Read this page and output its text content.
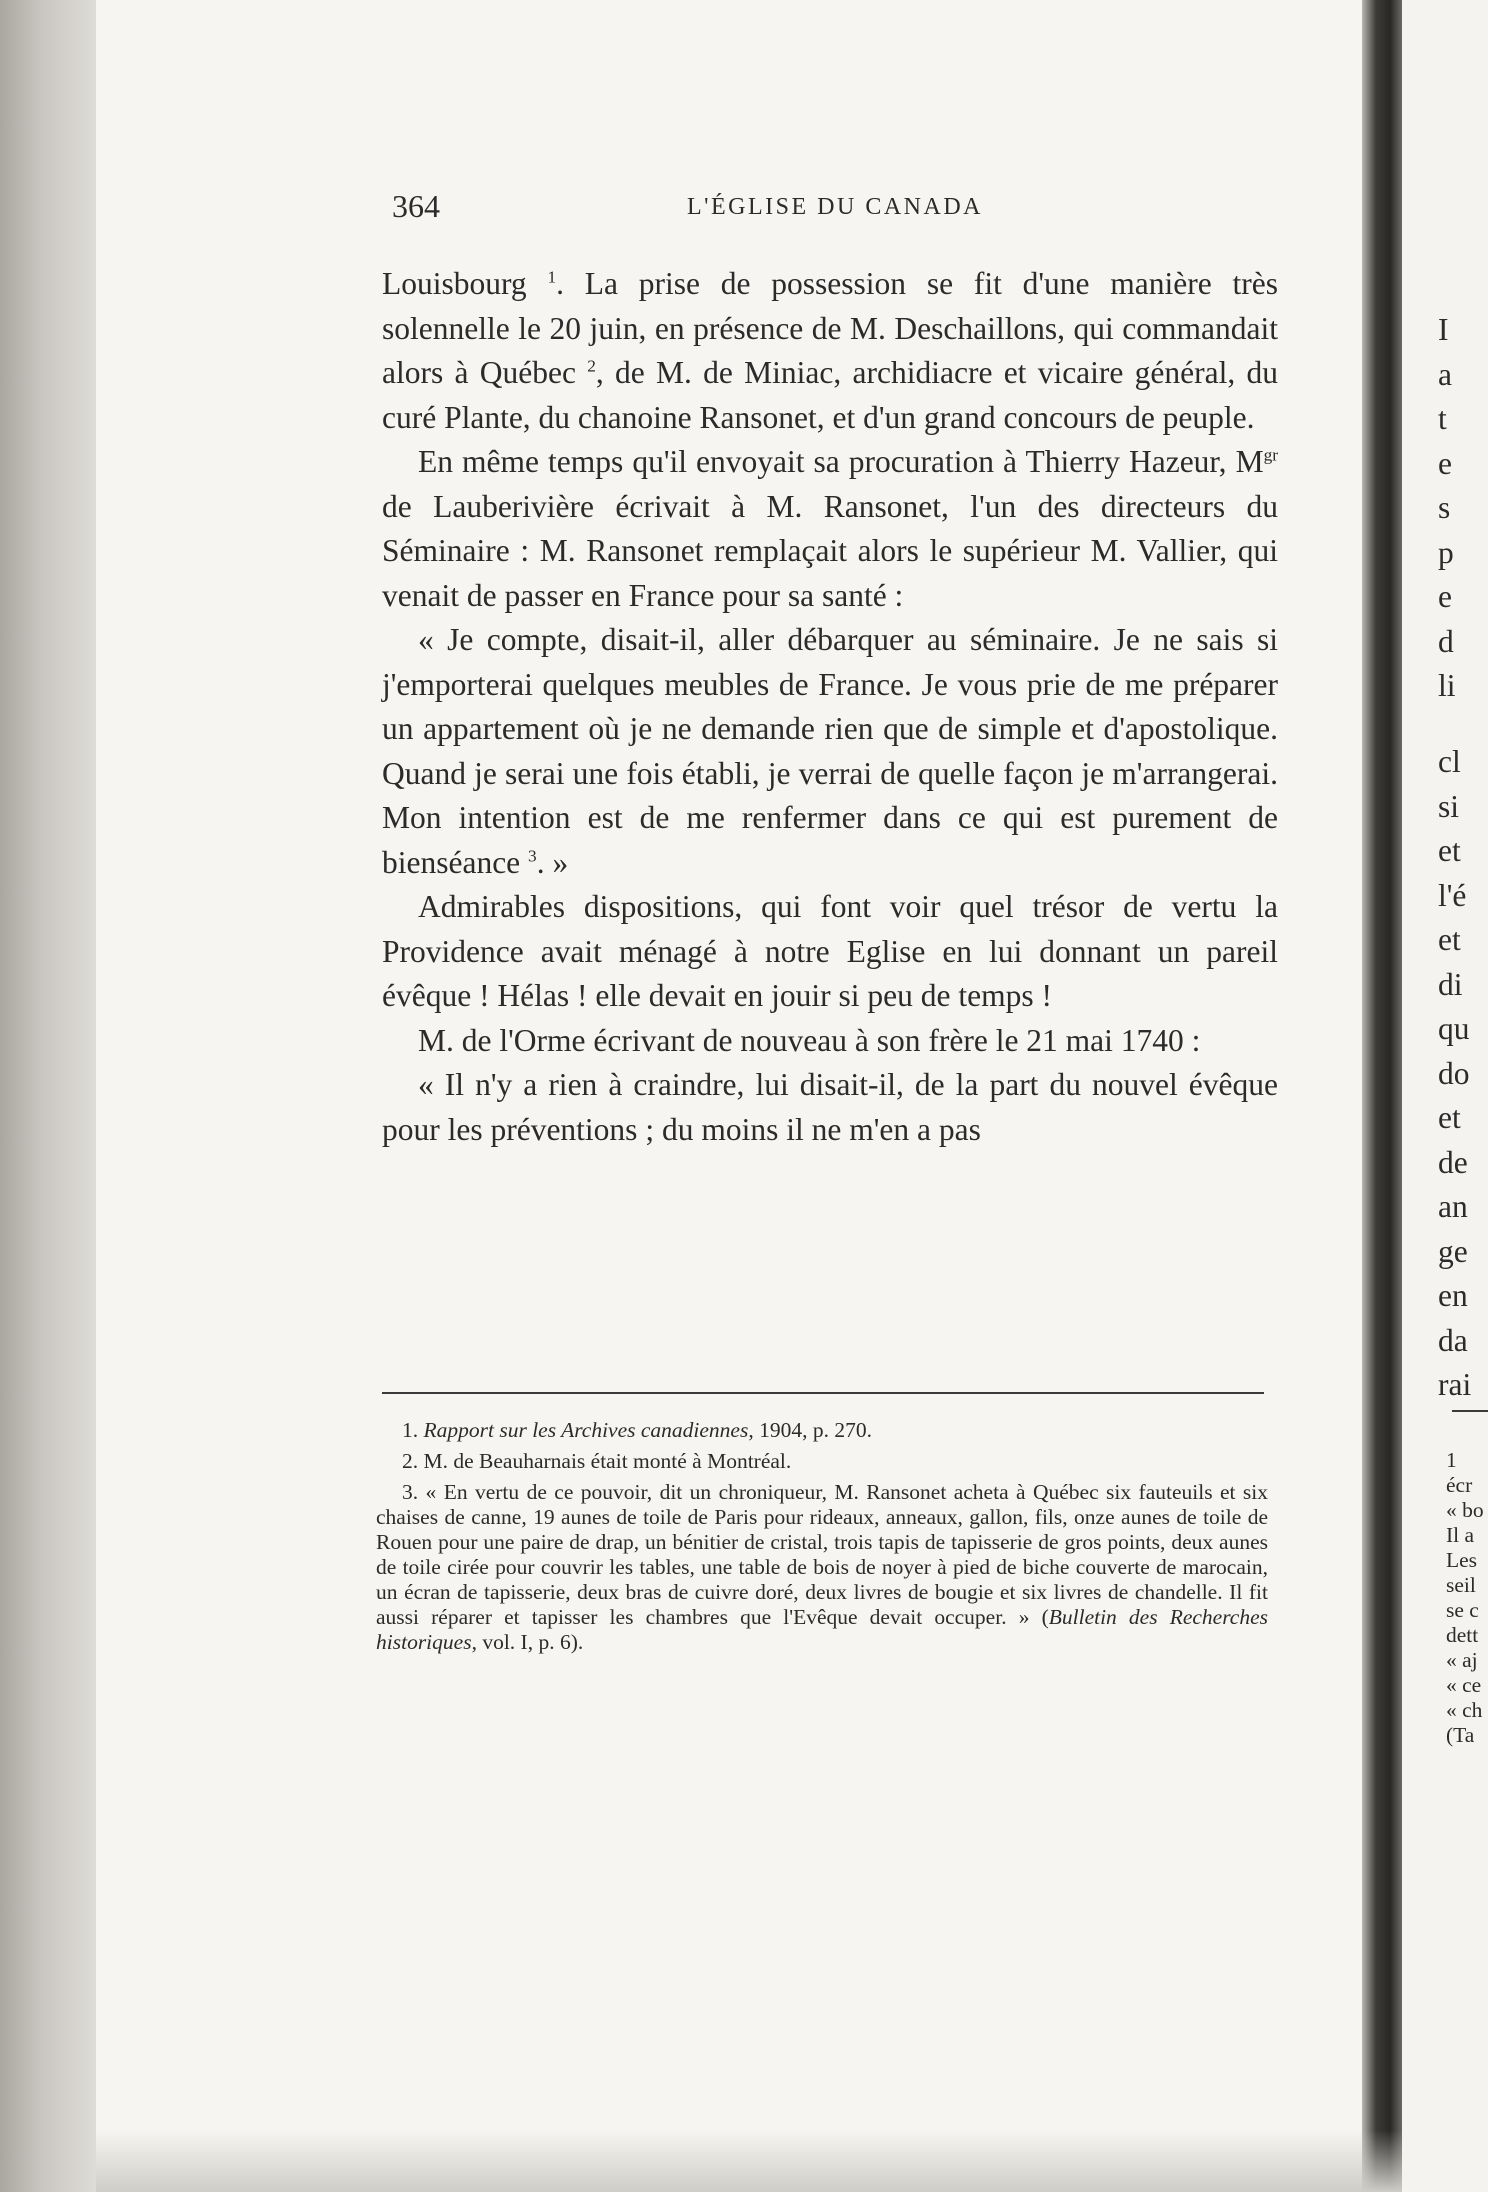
364	L'ÉGLISE DU CANADA

Louisbourg $^1$. La prise de possession se fit d'une manière très solennelle le 20 juin, en présence de M. Deschaillons, qui commandait alors à Québec $^2$, de M. de Miniac, archidiacre et vicaire général, du curé Plante, du chanoine Ransonet, et d'un grand concours de peuple.

En même temps qu'il envoyait sa procuration à Thierry Hazeur, $M^{gr}$ de Lauberivière écrivait à M. Ransonet, l'un des directeurs du Séminaire : M. Ransonet remplaçait alors le supérieur M. Vallier, qui venait de passer en France pour sa santé :

« Je compte, disait-il, aller débarquer au séminaire. Je ne sais si j'emporterai quelques meubles de France. Je vous prie de me préparer un appartement où je ne demande rien que de simple et d'apostolique. Quand je serai une fois établi, je verrai de quelle façon je m'arrangerai. Mon intention est de me renfermer dans ce qui est purement de bienséance $^3$. »

Admirables dispositions, qui font voir quel trésor de vertu la Providence avait ménagé à notre Eglise en lui donnant un pareil évêque ! Hélas ! elle devait en jouir si peu de temps !

M. de l'Orme écrivant de nouveau à son frère le 21 mai 1740 :

« Il n'y a rien à craindre, lui disait-il, de la part du nouvel évêque pour les préventions ; du moins il ne m'en a pas

1. Rapport sur les Archives canadiennes, 1904, p. 270.

2. M. de Beauharnais était monté à Montréal.

3. « En vertu de ce pouvoir, dit un chroniqueur, M. Ransonet acheta à Québec six fauteuils et six chaises de canne, 19 aunes de toile de Paris pour rideaux, anneaux, gallon, fils, onze aunes de toile de Rouen pour une paire de drap, un bénitier de cristal, trois tapis de tapisserie de gros points, deux aunes de toile cirée pour couvrir les tables, une table de bois de noyer à pied de biche couverte de marocain, un écran de tapisserie, deux bras de cuivre doré, deux livres de bougie et six livres de chandelle. Il fit aussi réparer et tapisser les chambres que l'Evêque devait occuper. » (Bulletin des Recherches historiques, vol. I, p. 6).

I
a
t
e
s
p
e
d
li
cl
si
et
l'é
et
di
qu
do
et
de
an
ge
en
da
rai
1
écr
« bo
Il a
Les
seil
se c
dett
« aj
« ce
« ch
(Ta
